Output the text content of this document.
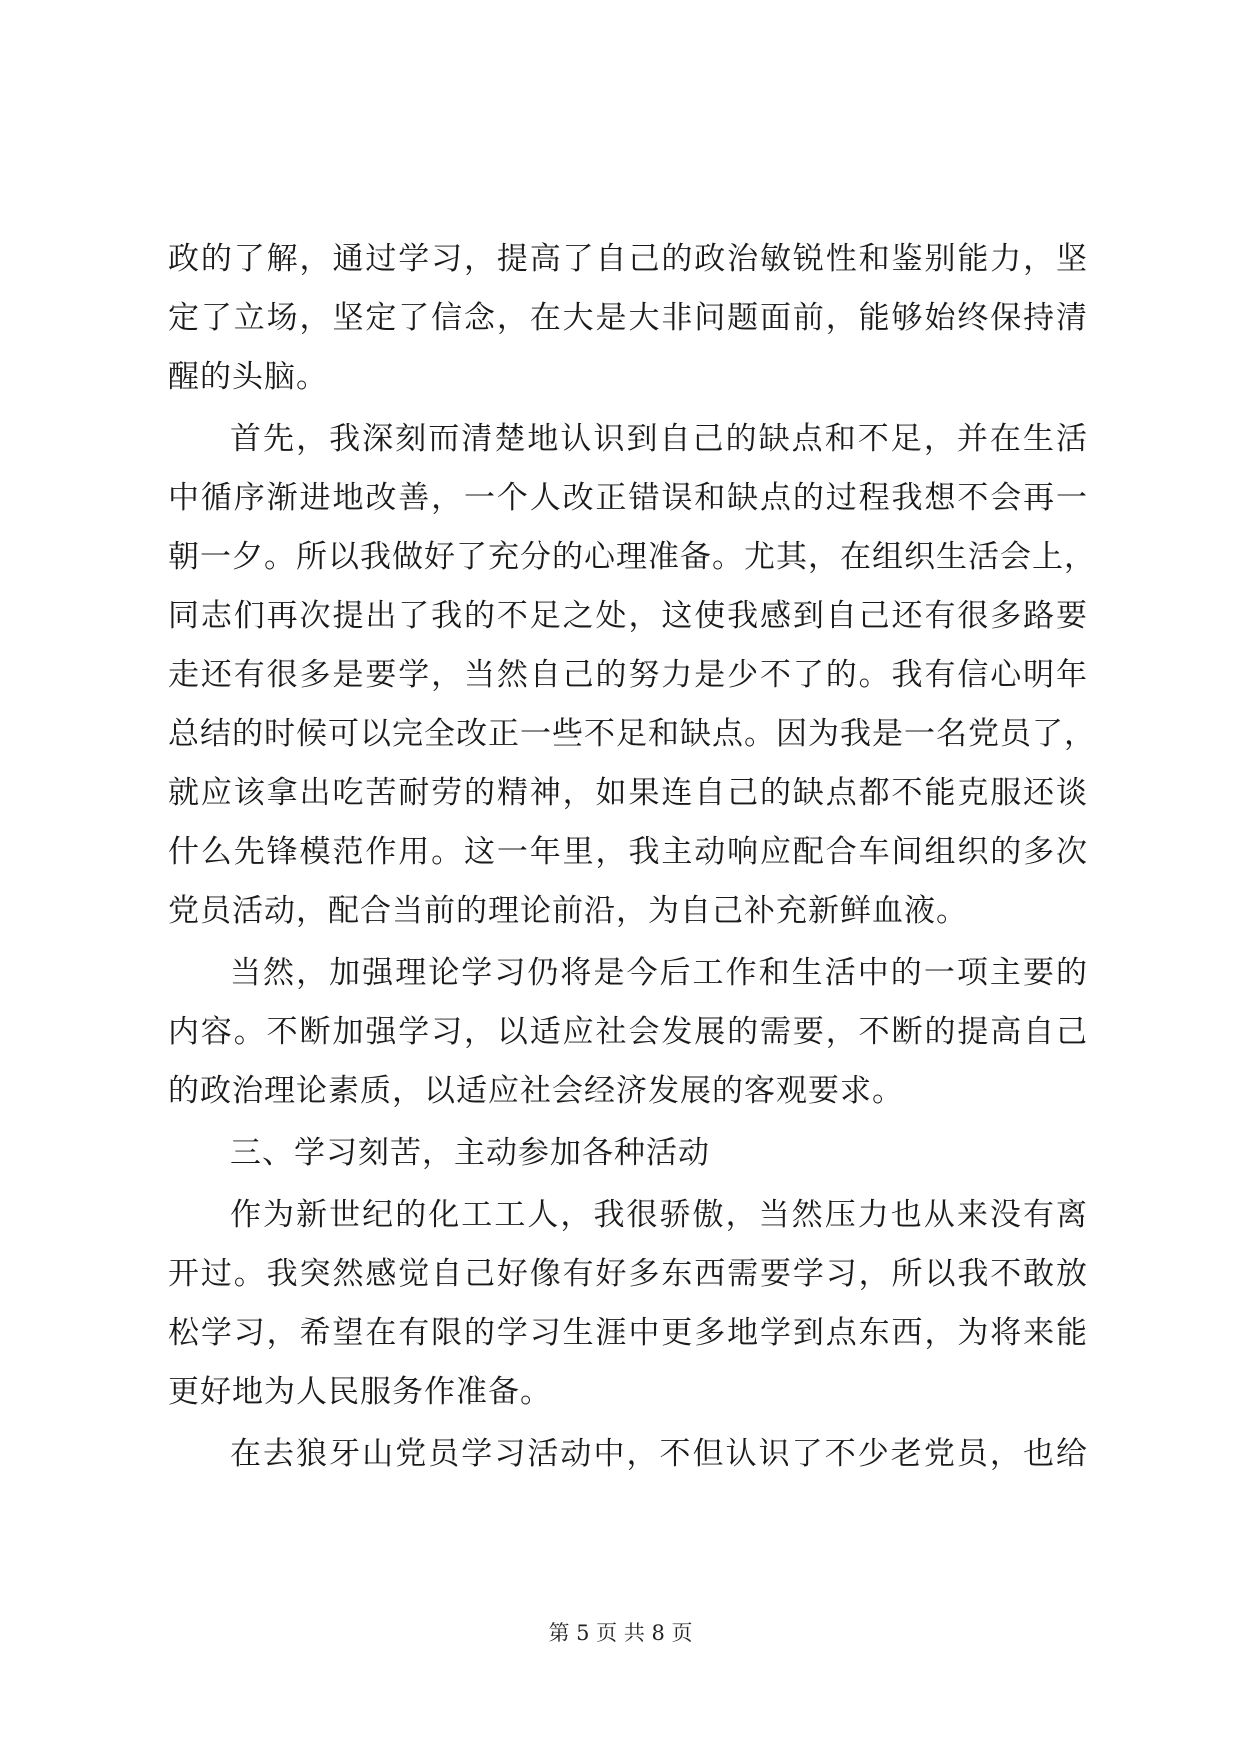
政的了解，通过学习，提高了自己的政治敏锐性和鉴别能力，坚
定了立场，坚定了信念，在大是大非问题面前，能够始终保持清
醒的头脑。
首先，我深刻而清楚地认识到自己的缺点和不足，并在生活
中循序渐进地改善，一个人改正错误和缺点的过程我想不会再一
朝一夕。所以我做好了充分的心理准备。尤其，在组织生活会上，
同志们再次提出了我的不足之处，这使我感到自己还有很多路要
走还有很多是要学，当然自己的努力是少不了的。我有信心明年
总结的时候可以完全改正一些不足和缺点。因为我是一名党员了，
就应该拿出吃苦耐劳的精神，如果连自己的缺点都不能克服还谈
什么先锋模范作用。这一年里，我主动响应配合车间组织的多次
党员活动，配合当前的理论前沿，为自己补充新鲜血液。
当然，加强理论学习仍将是今后工作和生活中的一项主要的
内容。不断加强学习，以适应社会发展的需要，不断的提高自己
的政治理论素质，以适应社会经济发展的客观要求。
三、学习刻苦，主动参加各种活动
作为新世纪的化工工人，我很骄傲，当然压力也从来没有离
开过。我突然感觉自己好像有好多东西需要学习，所以我不敢放
松学习，希望在有限的学习生涯中更多地学到点东西，为将来能
更好地为人民服务作准备。
在去狼牙山党员学习活动中，不但认识了不少老党员，也给
第 5 页 共 8 页
